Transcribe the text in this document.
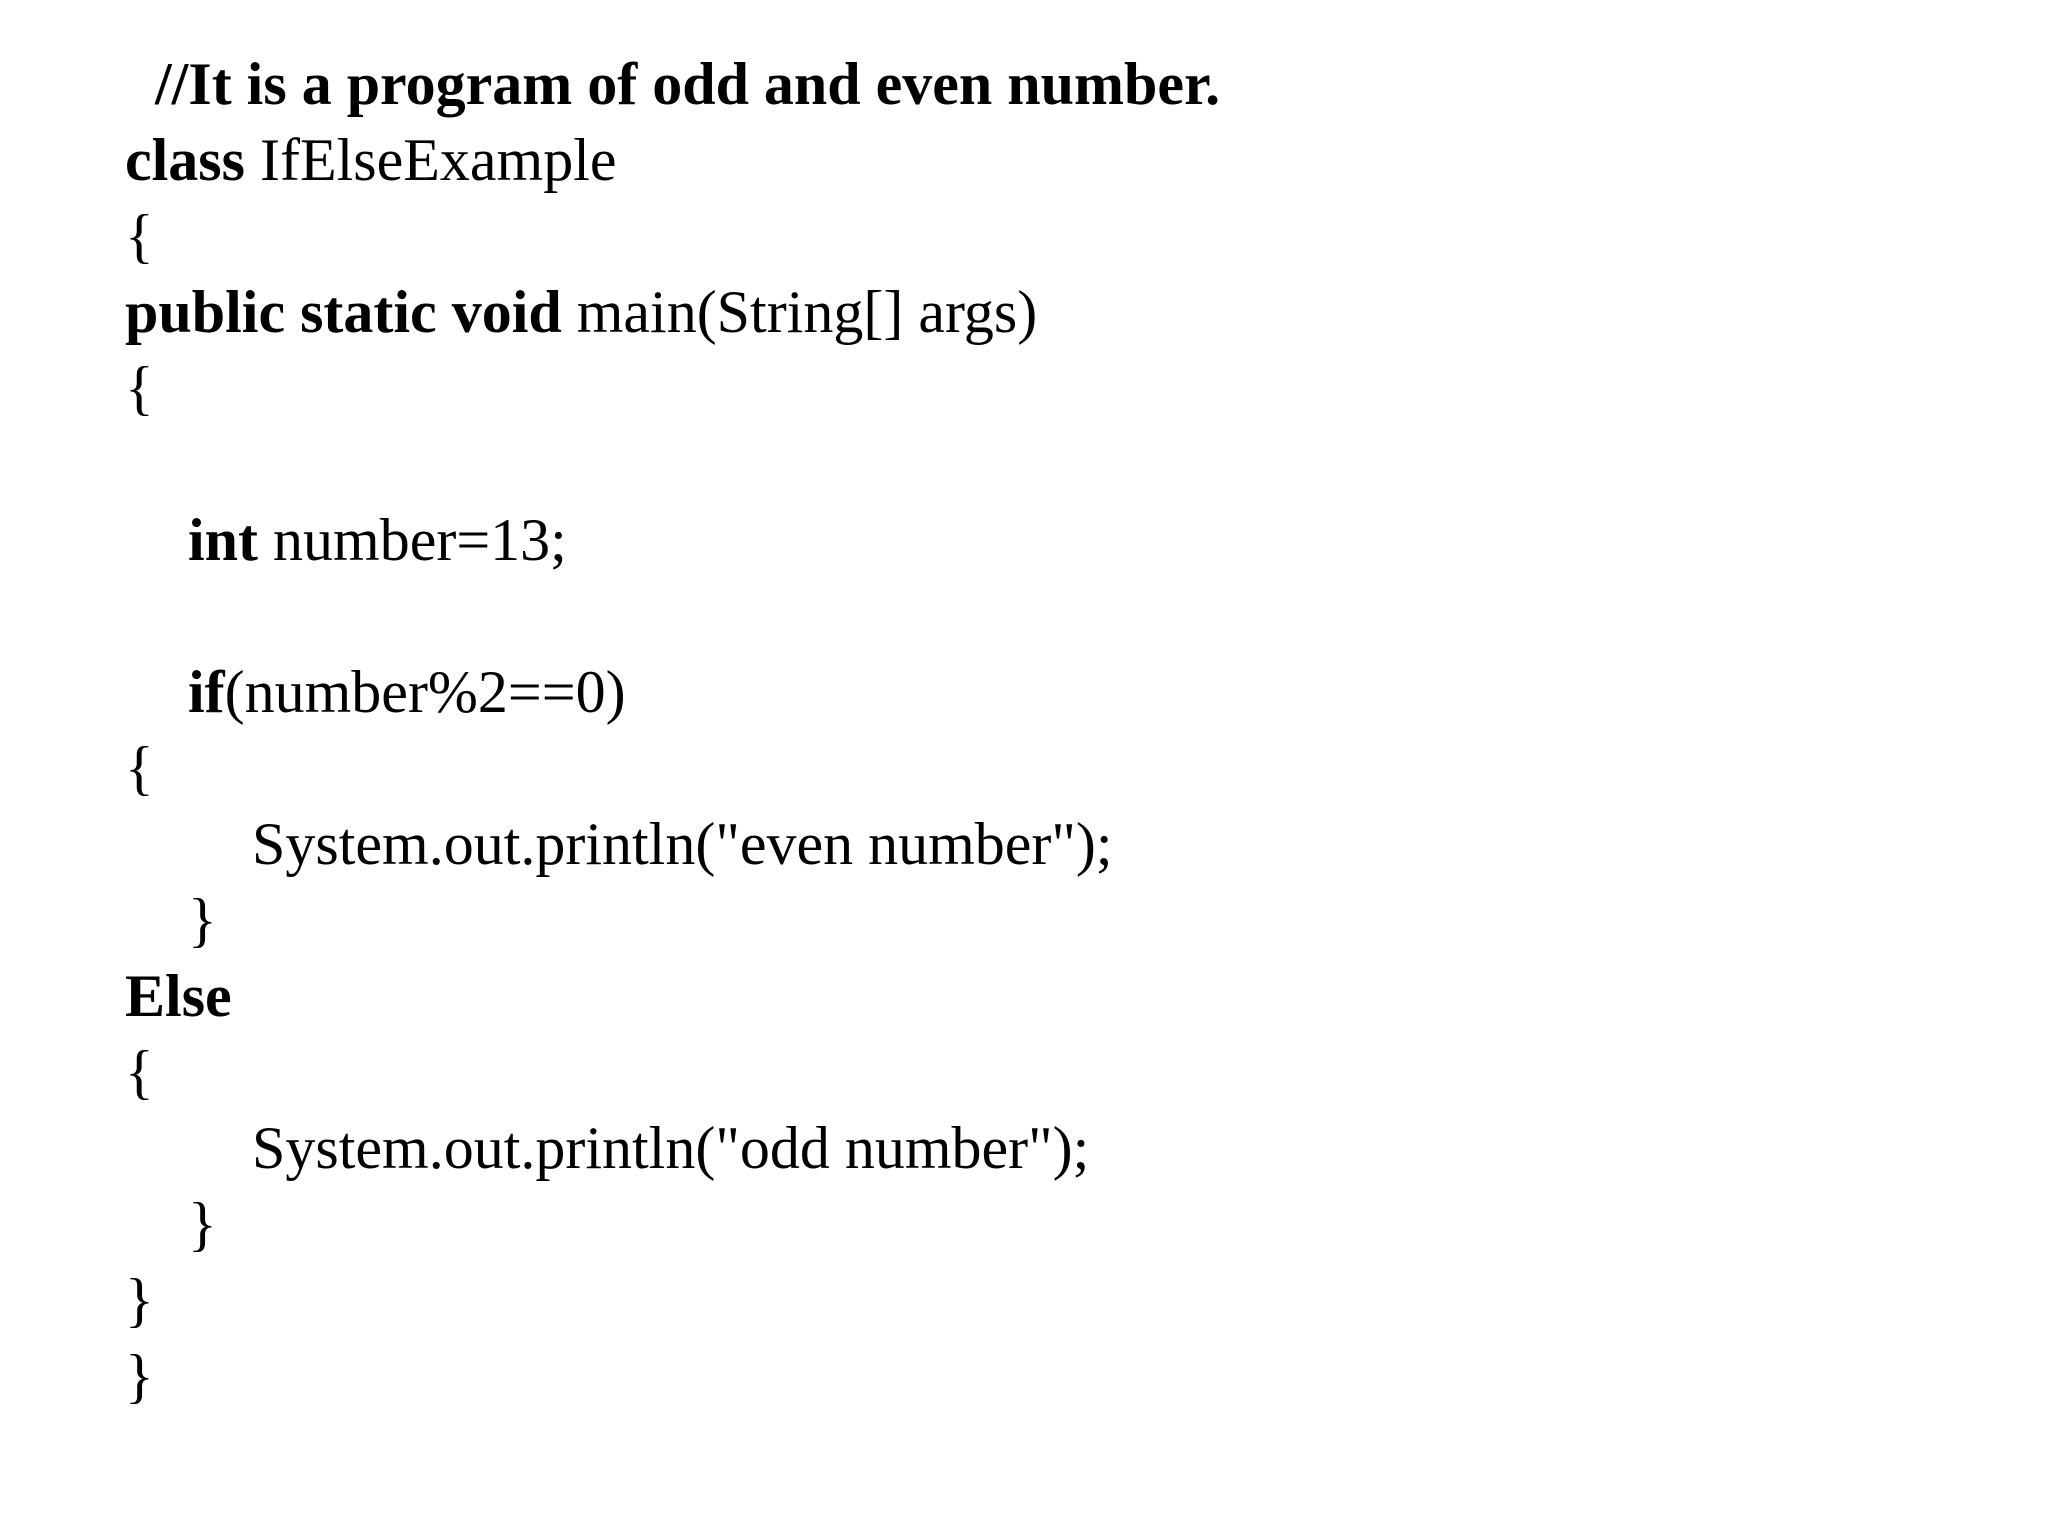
//It is a program of odd and even number.
class IfElseExample
{
public static void main(String[] args)
{
int number=13;
if(number%2==0)
{
System.out.println("even number");
}
Else
{
System.out.println("odd number");
}
}
}
